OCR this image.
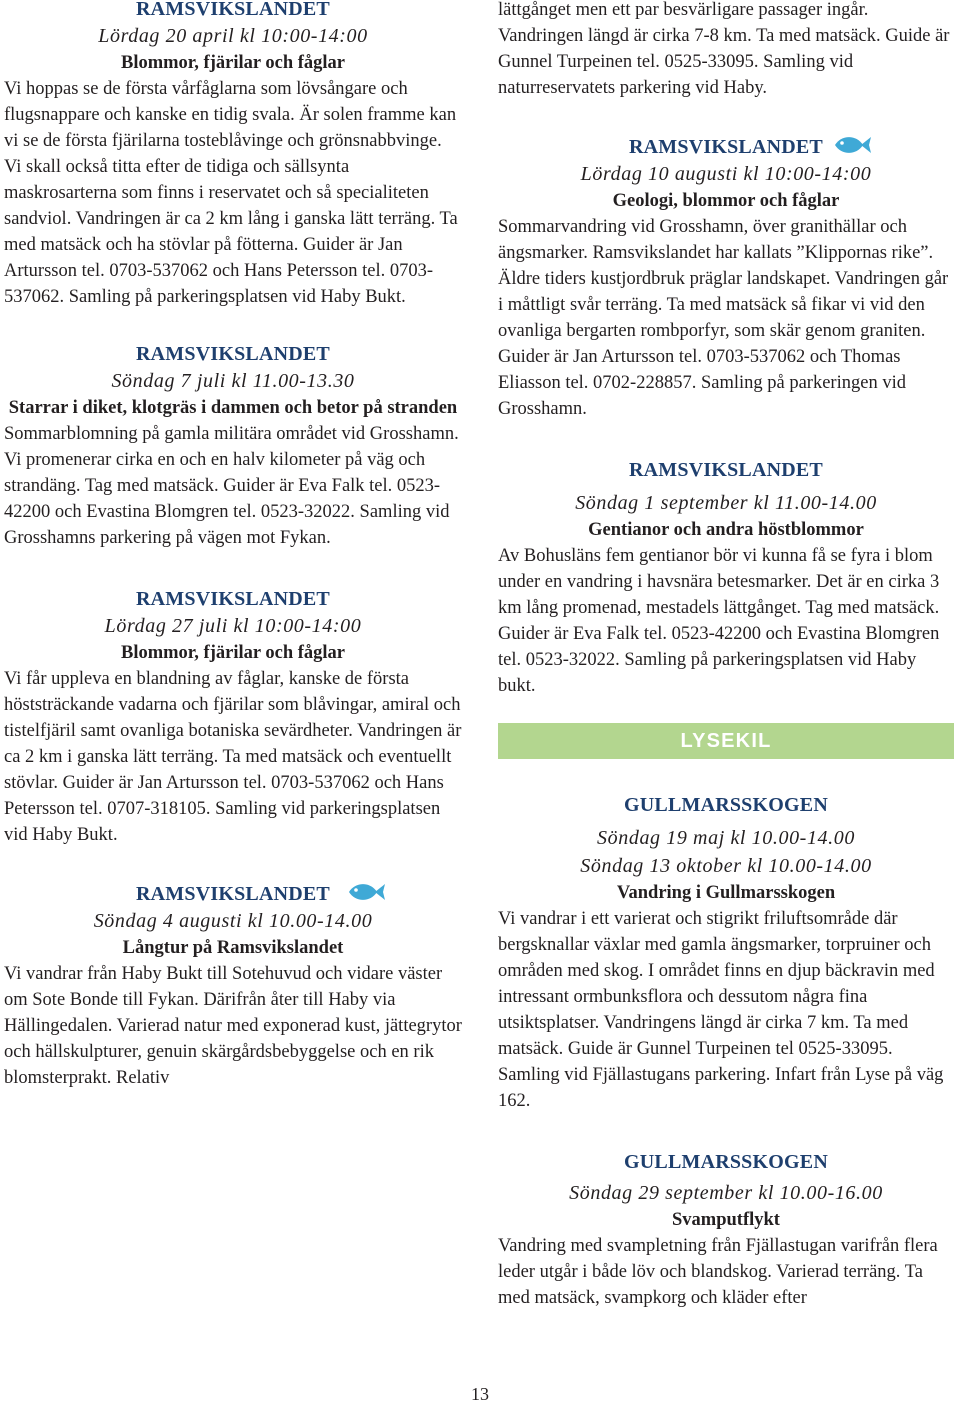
RAMSVIKSLANDET
Lördag 20 april kl 10:00-14:00
Blommor, fjärilar och fåglar

Vi hoppas se de första vårfåglarna som lövsångare och flugsnappare och kanske en tidig svala. Är solen framme kan vi se de första fjärilarna tosteblåvinge och grönsnabbvinge. Vi skall också titta efter de tidiga och sällsynta maskrosarterna som finns i reservatet och så specialiteten sandviol. Vandringen är ca 2 km lång i ganska lätt terräng. Ta med matsäck och ha stövlar på fötterna. Guider är Jan Artursson tel. 0703-537062 och Hans Petersson tel. 0703-537062. Samling på parkeringsplatsen vid Haby Bukt.

RAMSVIKSLANDET
Söndag 7 juli kl 11.00-13.30
Starrar i diket, klotgräs i dammen och betor på stranden

Sommarblomning på gamla militära området vid Grosshamn. Vi promenerar cirka en och en halv kilometer på väg och strandäng. Tag med matsäck. Guider är Eva Falk tel. 0523-42200 och Evastina Blomgren tel. 0523-32022. Samling vid Grosshamns parkering på vägen mot Fykan.

RAMSVIKSLANDET
Lördag 27 juli kl 10:00-14:00
Blommor, fjärilar och fåglar

Vi får uppleva en blandning av fåglar, kanske de första höststräckande vadarna och fjärilar som blåvingar, amiral och tistelfjäril samt ovanliga botaniska sevärdheter. Vandringen är ca 2 km i ganska lätt terräng. Ta med matsäck och eventuellt stövlar. Guider är Jan Artursson tel. 0703-537062 och Hans Petersson tel. 0707-318105. Samling vid parkeringsplatsen vid Haby Bukt.

RAMSVIKSLANDET
Söndag 4 augusti kl 10.00-14.00
Långtur på Ramsvikslandet

Vi vandrar från Haby Bukt till Sotehuvud och vidare väster om Sote Bonde till Fykan. Därifrån åter till Haby via Hällingedalen. Varierad natur med exponerad kust, jättegrytor och hällskulpturer, genuin skärgårdsbebyggelse och en rik blomsterprakt. Relativ

lättgånget men ett par besvärligare passager ingår. Vandringen längd är cirka 7-8 km. Ta med matsäck. Guide är Gunnel Turpeinen tel. 0525-33095. Samling vid naturreservatets parkering vid Haby.

RAMSVIKSLANDET
Lördag 10 augusti kl 10:00-14:00
Geologi, blommor och fåglar

Sommarvandring vid Grosshamn, över granithällar och ängsmarker. Ramsvikslandet har kallats ”Klippornas rike”. Äldre tiders kustjordbruk präglar landskapet. Vandringen går i måttligt svår terräng. Ta med matsäck så fikar vi vid den ovanliga bergarten rombporfyr, som skär genom graniten. Guider är Jan Artursson tel. 0703-537062 och Thomas Eliasson tel. 0702-228857. Samling på parkeringen vid Grosshamn.

RAMSVIKSLANDET
Söndag 1 september kl 11.00-14.00
Gentianor och andra höstblommor

Av Bohusläns fem gentianor bör vi kunna få se fyra i blom under en vandring i havsnära betesmarker. Det är en cirka 3 km lång promenad, mestadels lättgånget. Tag med matsäck. Guider är Eva Falk tel. 0523-42200 och Evastina Blomgren tel. 0523-32022. Samling på parkeringsplatsen vid Haby bukt.

LYSEKIL
GULLMARSSKOGEN
Söndag 19 maj kl 10.00-14.00
Söndag 13 oktober kl 10.00-14.00
Vandring i Gullmarsskogen

Vi vandrar i ett varierat och stigrikt friluftsområde där bergsknallar växlar med gamla ängsmarker, torpruiner och områden med skog. I området finns en djup bäckravin med intressant ormbunksflora och dessutom några fina utsiktsplatser. Vandringens längd är cirka 7 km. Ta med matsäck. Guide är Gunnel Turpeinen tel 0525-33095. Samling vid Fjällastugans parkering. Infart från Lyse på väg 162.

GULLMARSSKOGEN
Söndag 29 september kl 10.00-16.00
Svamputflykt

Vandring med svampletning från Fjällastugan varifrån flera leder utgår i både löv och blandskog. Varierad terräng. Ta med matsäck, svampkorg och kläder efter

13
